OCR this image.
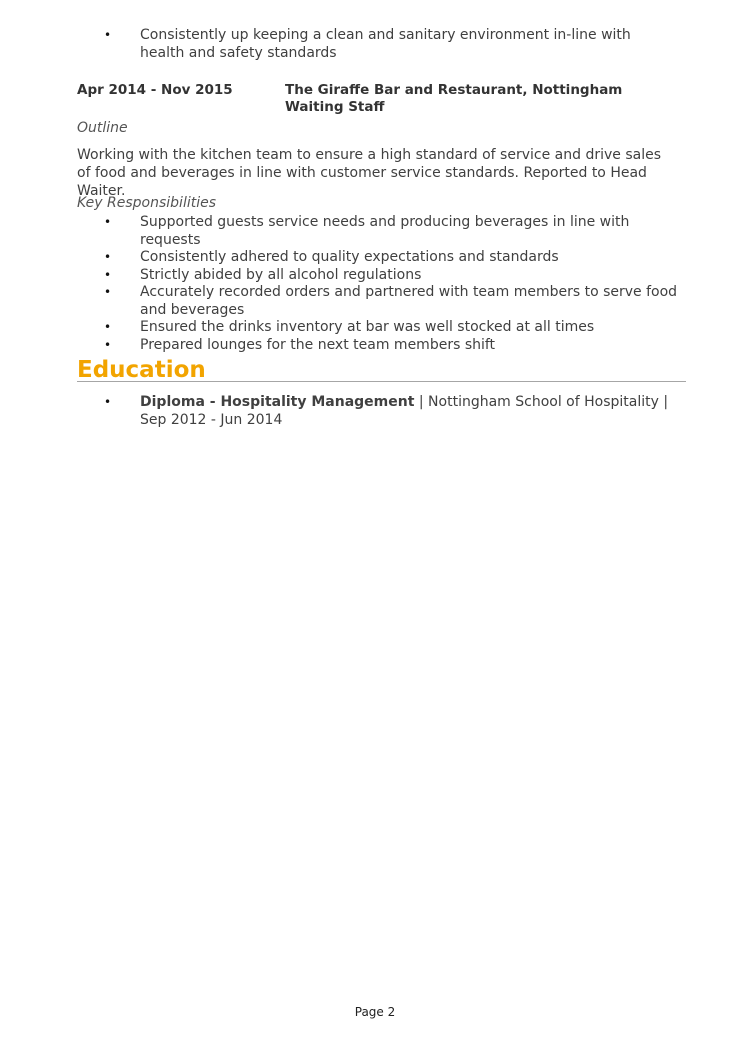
• Consistently up keeping a clean and sanitary environment in-line with health and safety standards
Apr 2014 - Nov 2015	The Giraffe Bar and Restaurant, Nottingham
Waiting Staff
Outline
Working with the kitchen team to ensure a high standard of service and drive sales of food and beverages in line with customer service standards. Reported to Head Waiter.
Key Responsibilities
• Supported guests service needs and producing beverages in line with requests
• Consistently adhered to quality expectations and standards
• Strictly abided by all alcohol regulations
• Accurately recorded orders and partnered with team members to serve food and beverages
• Ensured the drinks inventory at bar was well stocked at all times
• Prepared lounges for the next team members shift
Education
• Diploma - Hospitality Management | Nottingham School of Hospitality | Sep 2012 - Jun 2014
Page 2
